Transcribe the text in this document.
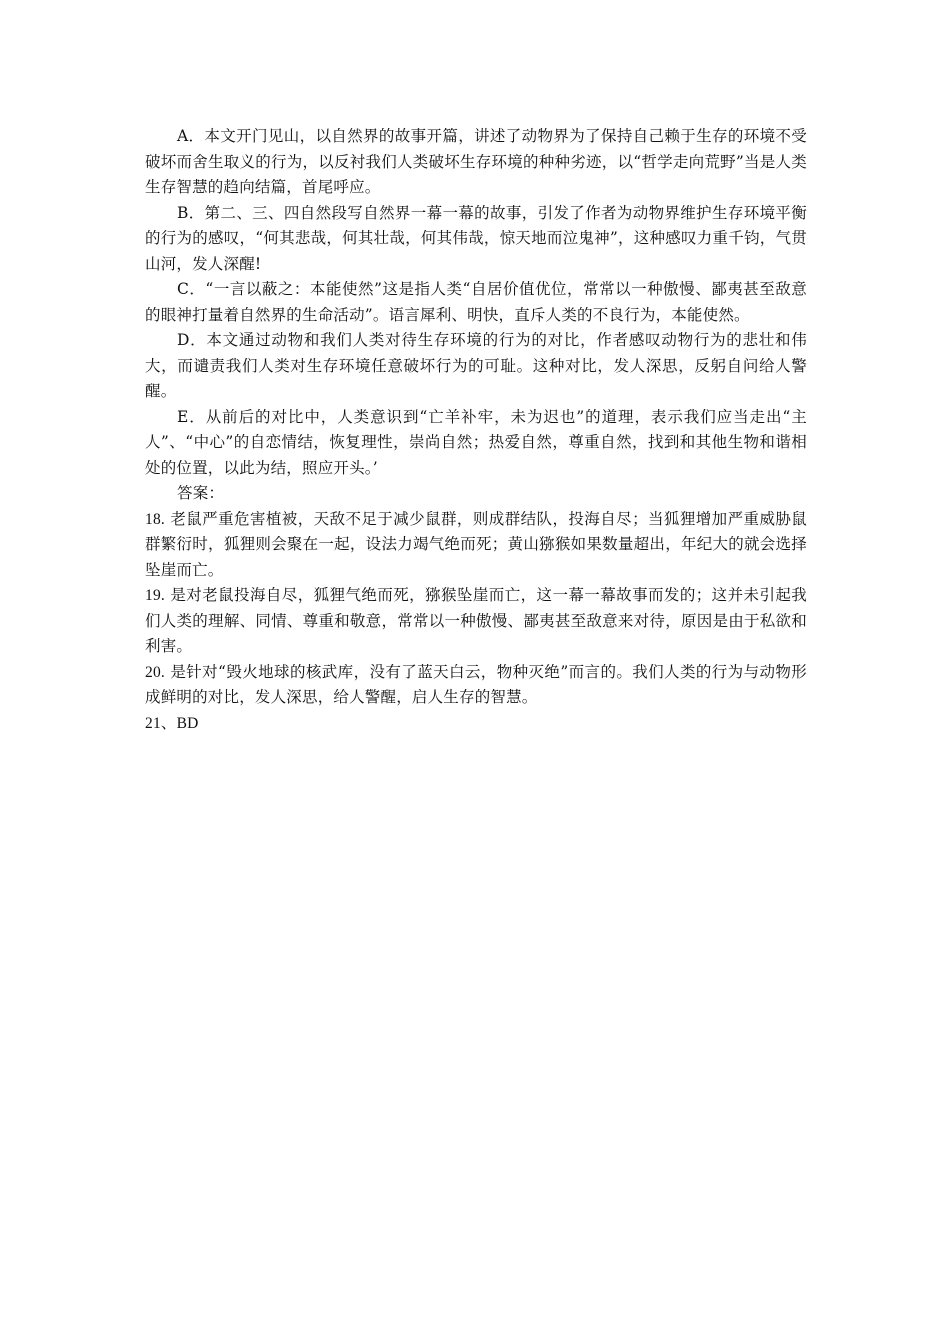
A．本文开门见山，以自然界的故事开篇，讲述了动物界为了保持自己赖于生存的环境不受破坏而舍生取义的行为，以反衬我们人类破坏生存环境的种种劣迹，以“哲学走向荒野”当是人类生存智慧的趋向结篇，首尾呼应。

B．第二、三、四自然段写自然界一幕一幕的故事，引发了作者为动物界维护生存环境平衡的行为的感叹，“何其悲哉，何其壮哉，何其伟哉，惊天地而泣鬼神”，这种感叹力重千钧，气贯山河，发人深醒!

C．“一言以蔽之：本能使然”这是指人类“自居价值优位，常常以一种傲慢、鄙夷甚至敌意的眼神打量着自然界的生命活动”。语言犀利、明快，直斥人类的不良行为，本能使然。

D．本文通过动物和我们人类对待生存环境的行为的对比，作者感叹动物行为的悲壮和伟大，而谴责我们人类对生存环境任意破坏行为的可耻。这种对比，发人深思，反躬自问给人警醒。

E．从前后的对比中，人类意识到“亡羊补牢，未为迟也”的道理，表示我们应当走出“主人”、“中心”的自恋情结，恢复理性，崇尚自然；热爱自然，尊重自然，找到和其他生物和谐相处的位置，以此为结，照应开头。’

答案：

18. 老鼠严重危害植被，天敌不足于减少鼠群，则成群结队，投海自尽；当狐狸增加严重威胁鼠群繁衍时，狐狸则会聚在一起，设法力竭气绝而死；黄山猕猴如果数量超出，年纪大的就会选择坠崖而亡。

19. 是对老鼠投海自尽，狐狸气绝而死，猕猴坠崖而亡，这一幕一幕故事而发的；这并未引起我们人类的理解、同情、尊重和敬意，常常以一种傲慢、鄙夷甚至敌意来对待，原因是由于私欲和利害。

20. 是针对“毁火地球的核武库，没有了蓝天白云，物种灭绝”而言的。我们人类的行为与动物形成鲜明的对比，发人深思，给人警醒，启人生存的智慧。

21、BD
